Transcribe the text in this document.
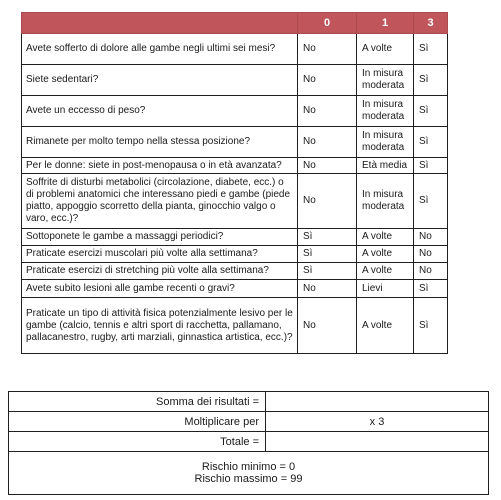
	0	1	3
Avete sofferto di dolore alle gambe negli ultimi sei mesi?	No	A volte	Sì
Siete sedentari?	No	In misura moderata	Sì
Avete un eccesso di peso?	No	In misura moderata	Sì
Rimanete per molto tempo nella stessa posizione?	No	In misura moderata	Sì
Per le donne: siete in post-menopausa o in età avanzata?	No	Età media	Sì
Soffrite di disturbi metabolici (circolazione, diabete, ecc.) o di problemi anatomici che interessano piedi e gambe (piede piatto, appoggio scorretto della pianta, ginocchio valgo o varo, ecc.)?	No	In misura moderata	Sì
Sottoponete le gambe a massaggi periodici?	Sì	A volte	No
Praticate esercizi muscolari più volte alla settimana?	Sì	A volte	No
Praticate esercizi di stretching più volte alla settimana?	Sì	A volte	No
Avete subito lesioni alle gambe recenti o gravi?	No	Lievi	Sì
Praticate un tipo di attività fisica potenzialmente lesivo per le gambe (calcio, tennis e altri sport di racchetta, pallamano, pallacanestro, rugby, arti marziali, ginnastica artistica, ecc.)?	No	A volte	Sì
Somma dei risultati =	
Moltiplicare per	x 3
Totale =	

Rischio minimo = 0
Rischio massimo = 99	
